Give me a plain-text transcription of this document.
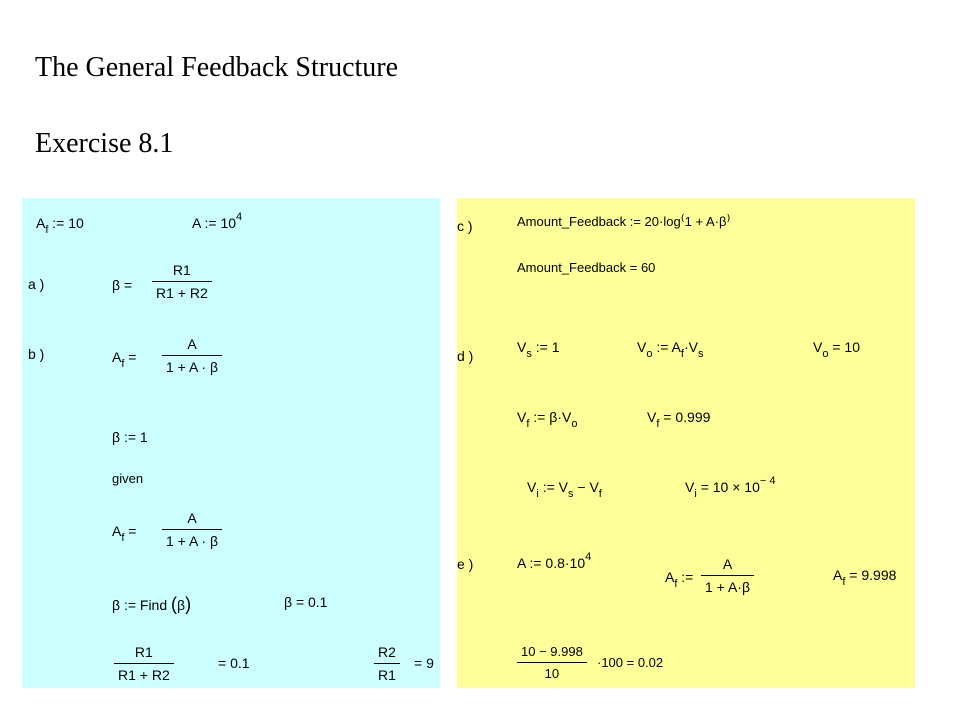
The General Feedback Structure
Exercise 8.1
$A_f$ := 10	A := $10^4$
a )	$\beta = \frac{R1}{R1 + R2}$
b )	$A_f = \frac{A}{1 + A \cdot \beta}$
β := 1
given
$A_f = \frac{A}{1 + A \cdot \beta}$
β := Find (β)	β = 0.1
$\frac{R1}{R1 + R2}$	= 0.1	$\frac{R2}{R1} = 9$
c )	Amount_Feedback := 20·log⁽1 + A·β⁾
Amount_Feedback = 60
d )
$V_s$ := 1	$V_o$ := $A_f\cdot V_s$	$V_o = 10$
$V_f$ := $\beta\cdot V_o$	$V_f = 0.999$
$V_i$ := $V_s - V_f$	$V_i = 10 \times 10^{- 4}$
e )	A := $0.8\cdot 10^4$
$A_f$ := $\frac{A}{1 + A\cdot\beta}$	$A_f = 9.998$
$\frac{10 - 9.998}{10} \cdot 100 = 0.02$
